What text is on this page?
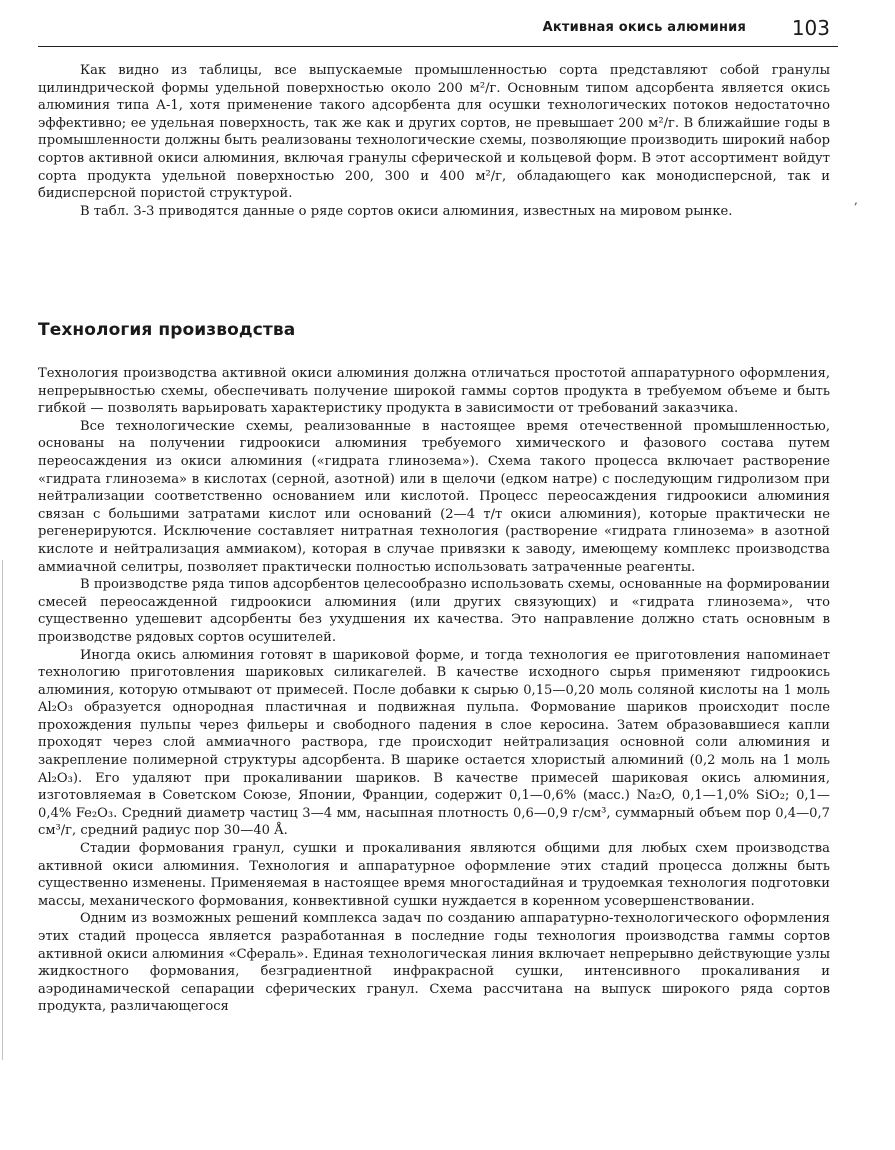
Активная окись алюминия 103

Как видно из таблицы, все выпускаемые промышленностью сорта представляют собой гранулы цилиндрической формы удельной поверхностью около 200 м²/г. Основным типом адсорбента является окись алюминия типа А-1, хотя применение такого адсорбента для осушки технологических потоков недостаточно эффективно; ее удельная поверхность, так же как и других сортов, не превышает 200 м²/г. В ближайшие годы в промышленности должны быть реализованы технологические схемы, позволяющие производить широкий набор сортов активной окиси алюминия, включая гранулы сферической и кольцевой форм. В этот ассортимент войдут сорта продукта удельной поверхностью 200, 300 и 400 м²/г, обладающего как монодисперсной, так и бидисперсной пористой структурой.

В табл. 3-3 приводятся данные о ряде сортов окиси алюминия, известных на мировом рынке.

,
Технология производства

Технология производства активной окиси алюминия должна отличаться простотой аппаратурного оформления, непрерывностью схемы, обеспечивать получение широкой гаммы сортов продукта в требуемом объеме и быть гибкой — позволять варьировать характеристику продукта в зависимости от требований заказчика.

Все технологические схемы, реализованные в настоящее время отечественной промышленностью, основаны на получении гидроокиси алюминия требуемого химического и фазового состава путем переосаждения из окиси алюминия («гидрата глинозема»). Схема такого процесса включает растворение «гидрата глинозема» в кислотах (серной, азотной) или в щелочи (едком натре) с последующим гидролизом при нейтрализации соответственно основанием или кислотой. Процесс переосаждения гидроокиси алюминия связан с большими затратами кислот или оснований (2—4 т/т окиси алюминия), которые практически не регенерируются. Исключение составляет нитратная технология (растворение «гидрата глинозема» в азотной кислоте и нейтрализация аммиаком), которая в случае привязки к заводу, имеющему комплекс производства аммиачной селитры, позволяет практически полностью использовать затраченные реагенты.

В производстве ряда типов адсорбентов целесообразно использовать схемы, основанные на формировании смесей переосажденной гидроокиси алюминия (или других связующих) и «гидрата глинозема», что существенно удешевит адсорбенты без ухудшения их качества. Это направление должно стать основным в производстве рядовых сортов осушителей.

Иногда окись алюминия готовят в шариковой форме, и тогда технология ее приготовления напоминает технологию приготовления шариковых силикагелей. В качестве исходного сырья применяют гидроокись алюминия, которую отмывают от примесей. После добавки к сырью 0,15—0,20 моль соляной кислоты на 1 моль Al₂O₃ образуется однородная пластичная и подвижная пульпа. Формование шариков происходит после прохождения пульпы через фильеры и свободного падения в слое керосина. Затем образовавшиеся капли проходят через слой аммиачного раствора, где происходит нейтрализация основной соли алюминия и закрепление полимерной структуры адсорбента. В шарике остается хлористый алюминий (0,2 моль на 1 моль Al₂O₃). Его удаляют при прокаливании шариков. В качестве примесей шариковая окись алюминия, изготовляемая в Советском Союзе, Японии, Франции, содержит 0,1—0,6% (масс.) Na₂O, 0,1—1,0% SiO₂; 0,1—0,4% Fe₂O₃. Средний диаметр частиц 3—4 мм, насыпная плотность 0,6—0,9 г/см³, суммарный объем пор 0,4—0,7 см³/г, средний радиус пор 30—40 Å.

Стадии формования гранул, сушки и прокаливания являются общими для любых схем производства активной окиси алюминия. Технология и аппаратурное оформление этих стадий процесса должны быть существенно изменены. Применяемая в настоящее время многостадийная и трудоемкая технология подготовки массы, механического формования, конвективной сушки нуждается в коренном усовершенствовании.

Одним из возможных решений комплекса задач по созданию аппаратурно-технологического оформления этих стадий процесса является разработанная в последние годы технология производства гаммы сортов активной окиси алюминия «Сфераль». Единая технологическая линия включает непрерывно действующие узлы жидкостного формования, безградиентной инфракрасной сушки, интенсивного прокаливания и аэродинамической сепарации сферических гранул. Схема рассчитана на выпуск широкого ряда сортов продукта, различающегося
